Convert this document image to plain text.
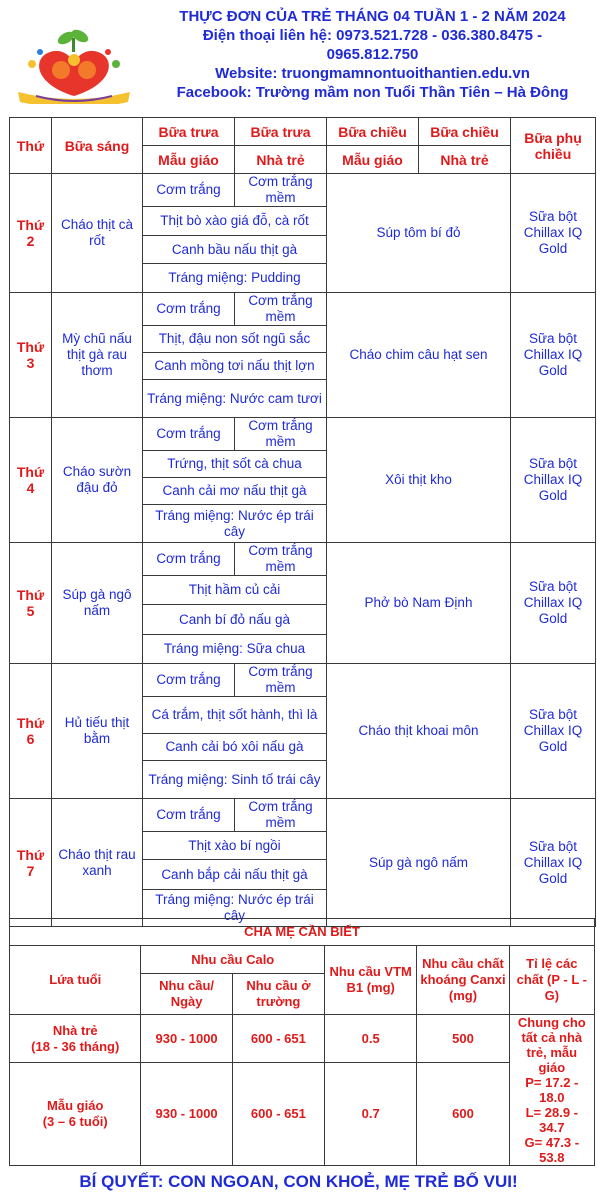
THỰC ĐƠN CỦA TRẺ THÁNG 04 TUẦN 1 - 2 NĂM 2024
Điện thoại liên hệ: 0973.521.728 - 036.380.8475 -
0965.812.750
Website: truongmamnontuoithantien.edu.vn
Facebook: Trường mầm non Tuổi Thần Tiên – Hà Đông
Thứ	Bữa sáng	Bữa trưa	Bữa trưa	Bữa chiều	Bữa chiều	Bữa phụ chiều
		Mẫu giáo	Nhà trẻ	Mẫu giáo	Nhà trẻ	
Thứ 2	Cháo thịt cà rốt	Cơm trắng	Cơm trắng mềm	Súp tôm bí đỏ		Sữa bột Chillax IQ Gold
		Thịt bò xào giá đỗ, cà rốt				
		Canh bầu nấu thịt gà				
		Tráng miệng: Pudding				
Thứ 3	Mỳ chũ nấu thịt gà rau thơm	Cơm trắng	Cơm trắng mềm	Cháo chim câu hạt sen		Sữa bột Chillax IQ Gold
		Thịt, đậu non sốt ngũ sắc				
		Canh mồng tơi nấu thịt lợn				
		Tráng miệng: Nước cam tươi				
Thứ 4	Cháo sườn đậu đỏ	Cơm trắng	Cơm trắng mềm	Xôi thịt kho		Sữa bột Chillax IQ Gold
		Trứng, thịt sốt cà chua				
		Canh cải mơ nấu thịt gà				
		Tráng miệng: Nước ép trái cây				
Thứ 5	Súp gà ngô nấm	Cơm trắng	Cơm trắng mềm	Phở bò Nam Định		Sữa bột Chillax IQ Gold
		Thịt hầm củ cải				
		Canh bí đỏ nấu gà				
		Tráng miệng: Sữa chua				
Thứ 6	Hủ tiếu thịt bằm	Cơm trắng	Cơm trắng mềm	Cháo thịt khoai môn		Sữa bột Chillax IQ Gold
		Cá trắm, thịt sốt hành, thì là				
		Canh cải bó xôi nấu gà				
		Tráng miệng: Sinh tố trái cây				
Thứ 7	Cháo thịt rau xanh	Cơm trắng	Cơm trắng mềm	Súp gà ngô nấm		Sữa bột Chillax IQ Gold
		Thịt xào bí ngồi				
		Canh bắp cải nấu thịt gà				
		Tráng miệng: Nước ép trái cây				
CHA MẸ CẦN BIẾT					
Lứa tuổi	Nhu cầu Calo		Nhu cầu VTM B1 (mg)	Nhu cầu chất khoáng Canxi (mg)	Tỉ lệ các chất (P - L - G)
	Nhu cầu/ Ngày	Nhu cầu ở trường			
Nhà trẻ
(18 - 36 tháng)	930 - 1000	600 - 651	0.5	500	Chung cho tất cả nhà trẻ, mẫu giáo
P= 17.2 - 18.0
L= 28.9 - 34.7
G= 47.3 - 53.8
Mẫu giáo
(3 – 6 tuổi)	930 - 1000	600 - 651	0.7	600	
BÍ QUYẾT: CON NGOAN, CON KHOẺ, MẸ TRẺ BỐ VUI!
